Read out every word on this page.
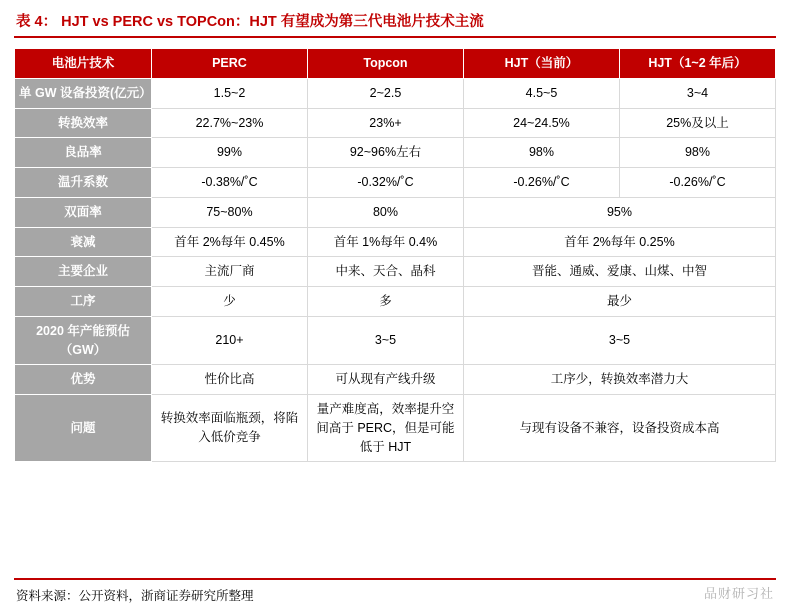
表 4： HJT vs PERC vs TOPCon：HJT 有望成为第三代电池片技术主流
电池片技术	PERC	Topcon	HJT（当前）	HJT（1~2 年后）
单 GW 设备投资(亿元）	1.5~2	2~2.5	4.5~5	3~4
转换效率	22.7%~23%	23%+	24~24.5%	25%及以上
良品率	99%	92~96%左右	98%	98%
温升系数	-0.38%/˚C	-0.32%/˚C	-0.26%/˚C	-0.26%/˚C
双面率	75~80%	80%	95%	
衰减	首年 2%每年 0.45%	首年 1%每年 0.4%	首年 2%每年 0.25%	
主要企业	主流厂商	中来、天合、晶科	晋能、通威、爱康、山煤、中智	
工序	少	多	最少	
2020 年产能预估（GW）	210+	3~5	3~5	
优势	性价比高	可从现有产线升级	工序少，转换效率潜力大	
问题	转换效率面临瓶颈，将陷入低价竞争	量产难度高，效率提升空间高于 PERC，但是可能低于 HJT	与现有设备不兼容，设备投资成本高	
资料来源：公开资料，浙商证券研究所整理	品财研习社
